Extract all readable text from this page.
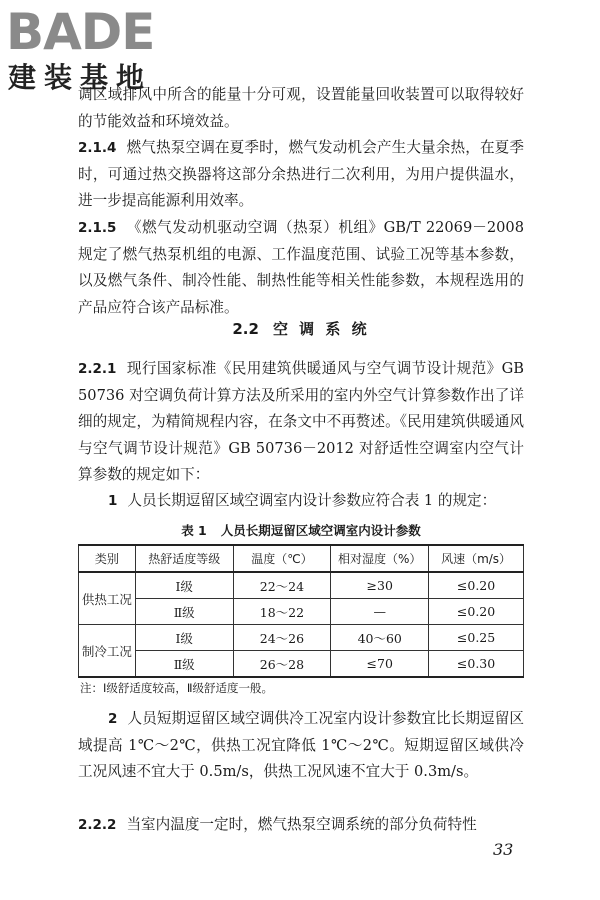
BADE
建装基地

调区域排风中所含的能量十分可观，设置能量回收装置可以取得较好的节能效益和环境效益。

2.1.4 燃气热泵空调在夏季时，燃气发动机会产生大量余热，在夏季时，可通过热交换器将这部分余热进行二次利用，为用户提供温水，进一步提高能源利用效率。

2.1.5 《燃气发动机驱动空调（热泵）机组》GB/T 22069－2008 规定了燃气热泵机组的电源、工作温度范围、试验工况等基本参数，以及燃气条件、制冷性能、制热性能等相关性能参数，本规程选用的产品应符合该产品标准。

2.2 空 调 系 统

2.2.1 现行国家标准《民用建筑供暖通风与空气调节设计规范》GB 50736 对空调负荷计算方法及所采用的室内外空气计算参数作出了详细的规定，为精简规程内容，在条文中不再赘述。《民用建筑供暖通风与空气调节设计规范》GB 50736－2012 对舒适性空调室内空气计算参数的规定如下：

1 人员长期逗留区域空调室内设计参数应符合表 1 的规定：

表 1 人员长期逗留区域空调室内设计参数
类别	热舒适度等级	温度（℃）	相对湿度（%）	风速（m/s）
供热工况	Ⅰ级	22～24	≥30	≤0.20
	Ⅱ级	18～22	—	≤0.20
制冷工况	Ⅰ级	24～26	40～60	≤0.25
	Ⅱ级	26～28	≤70	≤0.30
注：Ⅰ级舒适度较高，Ⅱ级舒适度一般。

2 人员短期逗留区域空调供冷工况室内设计参数宜比长期逗留区域提高 1℃～2℃，供热工况宜降低 1℃～2℃。短期逗留区域供冷工况风速不宜大于 0.5m/s，供热工况风速不宜大于 0.3m/s。

2.2.2 当室内温度一定时，燃气热泵空调系统的部分负荷特性

33
